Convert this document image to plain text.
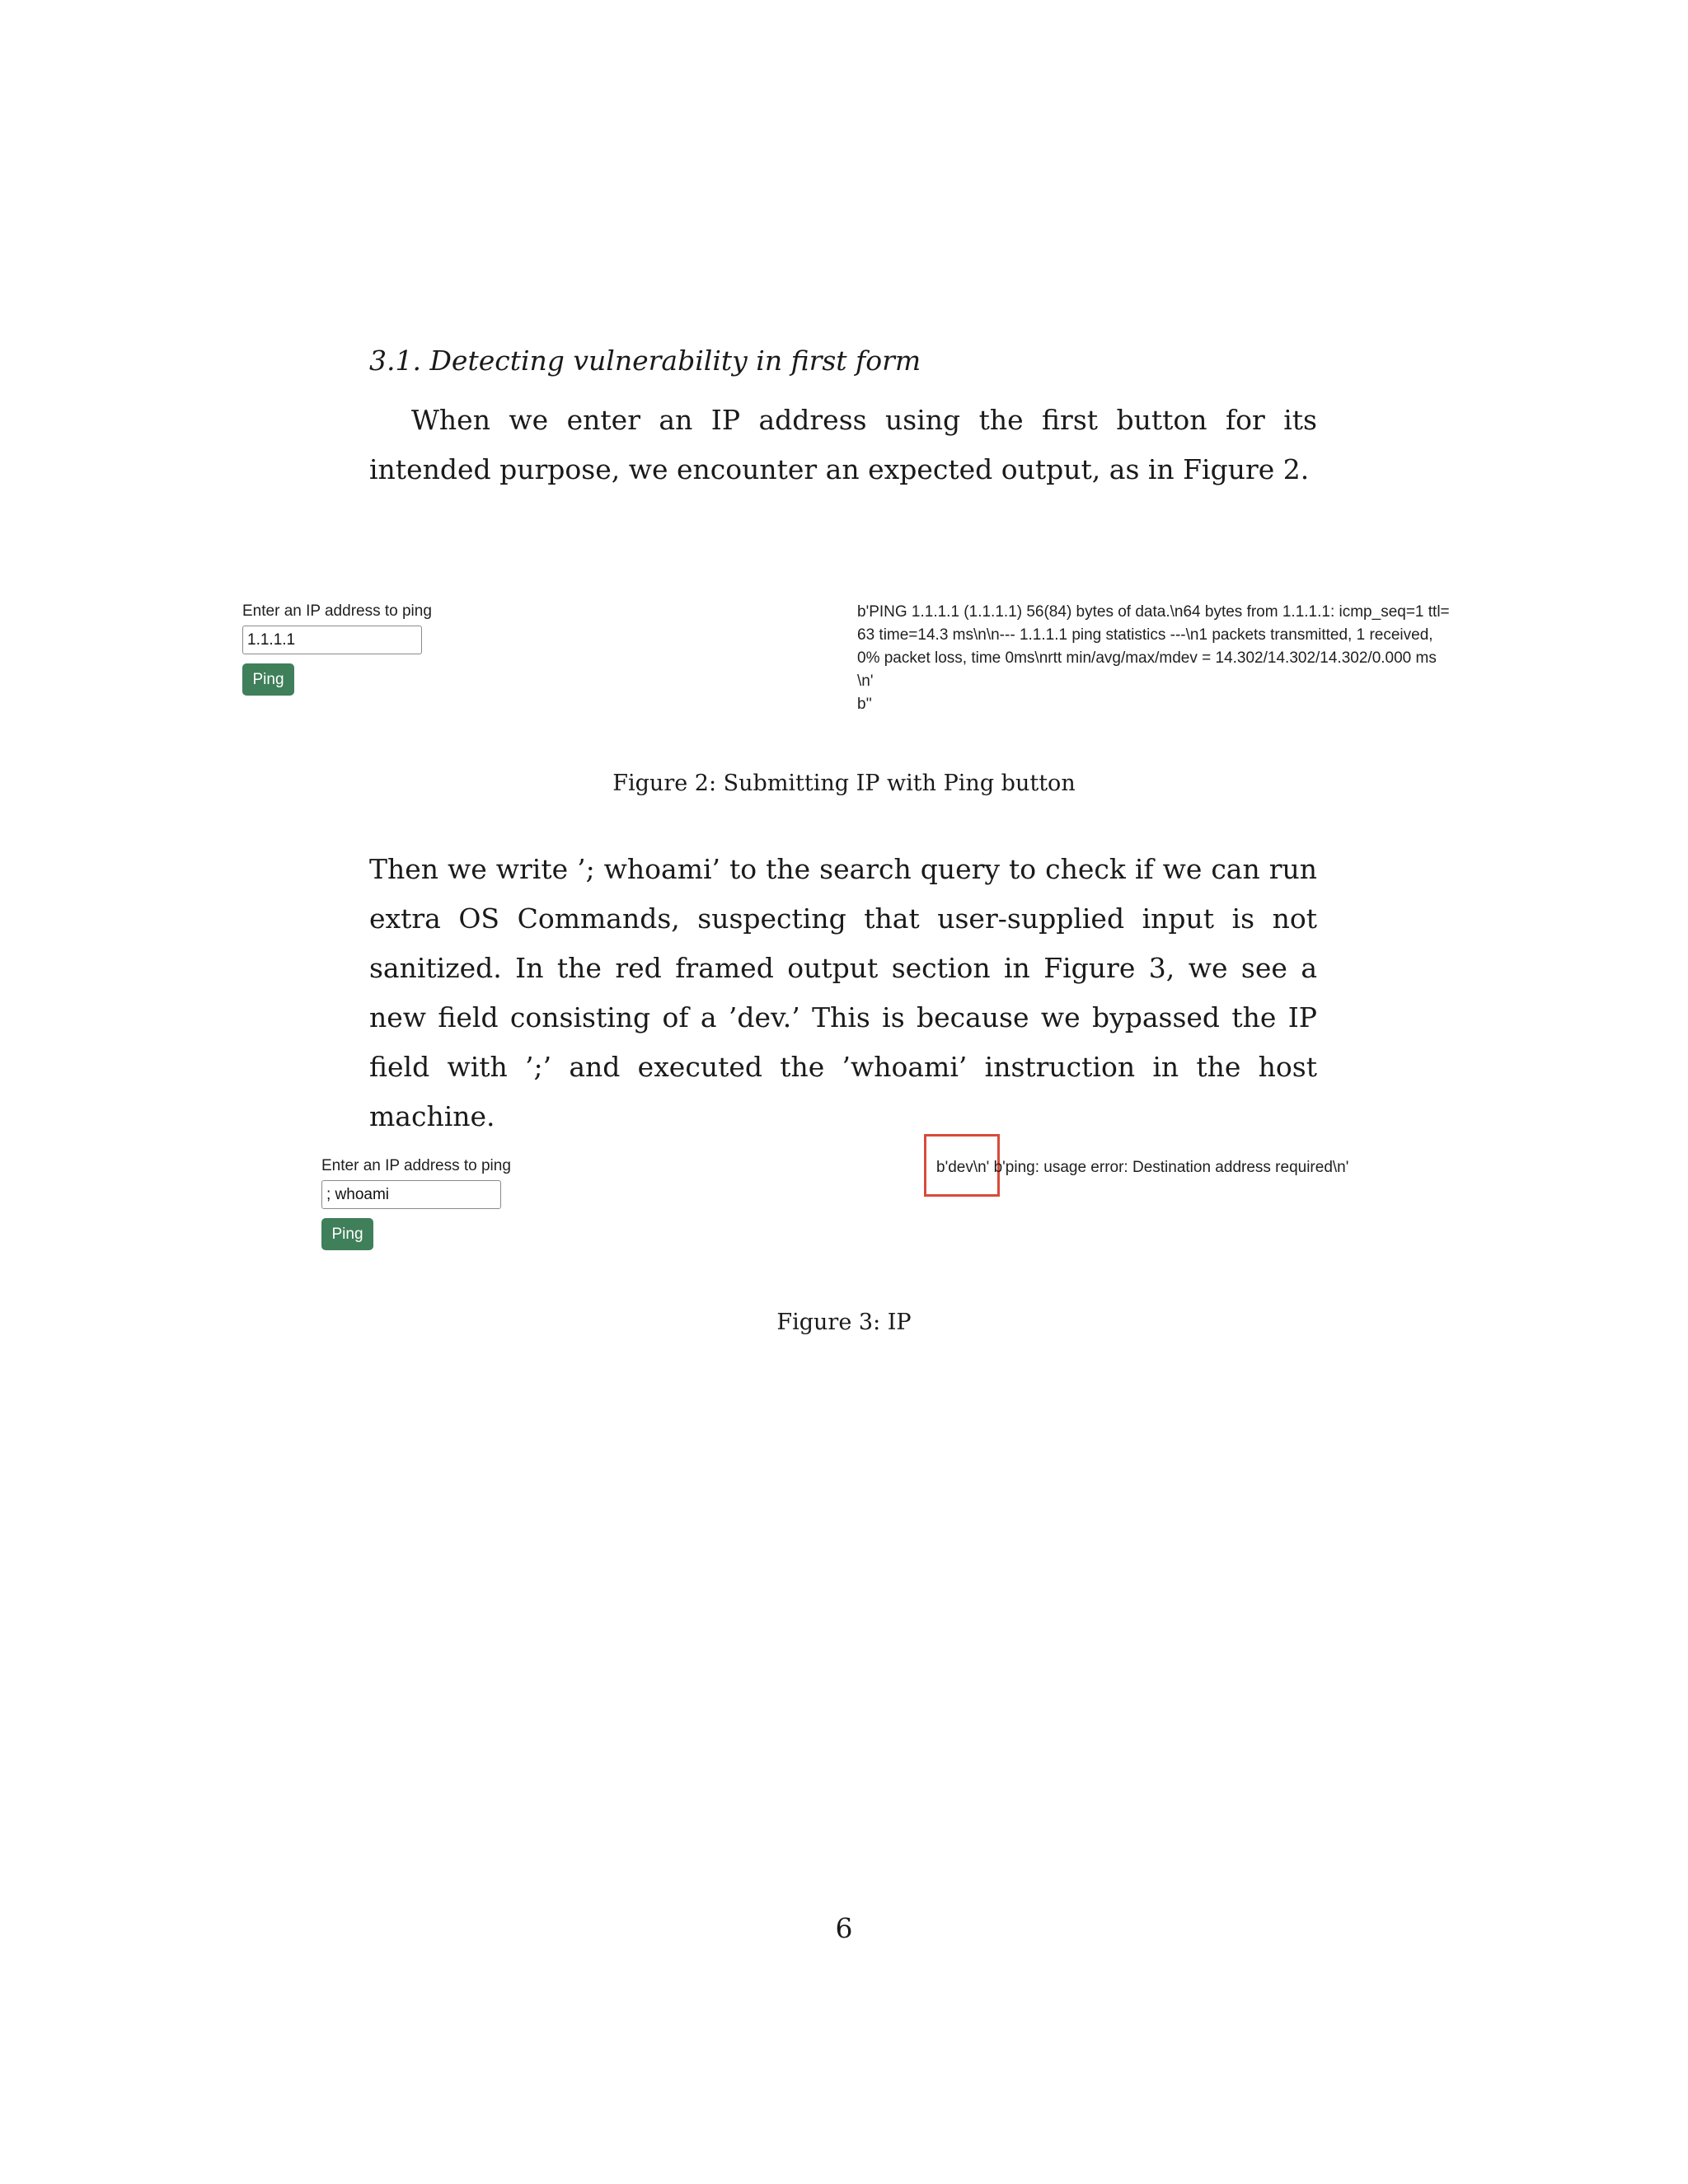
3.1. Detecting vulnerability in first form

When we enter an IP address using the first button for its intended purpose, we encounter an expected output, as in Figure 2.

Enter an IP address to ping
1.1.1.1 Ping
b'PING 1.1.1.1 (1.1.1.1) 56(84) bytes of data.\n64 bytes from 1.1.1.1: icmp_seq=1 ttl=63 time=14.3 ms\n\n--- 1.1.1.1 ping statistics ---\n1 packets transmitted, 1 received, 0% packet loss, time 0ms\nrtt min/avg/max/mdev = 14.302/14.302/14.302/0.000 ms\n'
b''
Figure 2: Submitting IP with Ping button

Then we write ’; whoami’ to the search query to check if we can run extra OS Commands, suspecting that user-supplied input is not sanitized. In the red framed output section in Figure 3, we see a new field consisting of a ’dev.’ This is because we bypassed the IP field with ’;’ and executed the ’whoami’ instruction in the host machine.

Enter an IP address to ping
; whoami Ping
b'dev\n' b'ping: usage error: Destination address required\n'
Figure 3: IP
6
